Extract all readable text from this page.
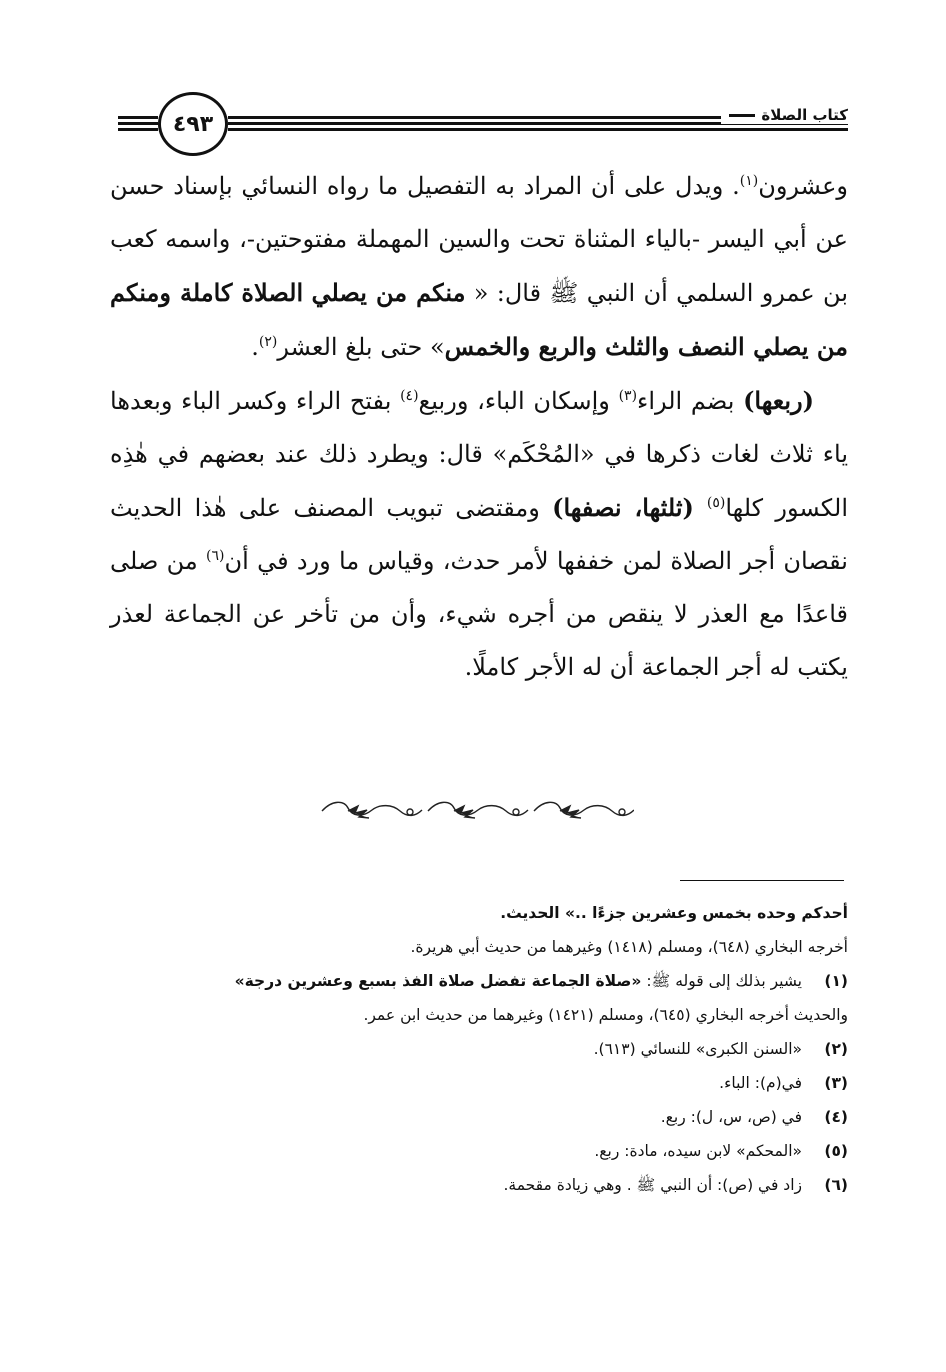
٤٩٣	كتاب الصلاة

وعشرون$^{(١)}$. ويدل على أن المراد به التفصيل ما رواه النسائي بإسناد حسن عن أبي اليسر -بالياء المثناة تحت والسين المهملة مفتوحتين-، واسمه كعب بن عمرو السلمي أن النبي ﷺ قال: « منكم من يصلي الصلاة كاملة ومنكم من يصلي النصف والثلث والربع والخمس» حتى بلغ العشر$^{(٢)}$.

(ربعها) بضم الراء$^{(٣)}$ وإسكان الباء، وربيع$^{(٤)}$ بفتح الراء وكسر الباء وبعدها ياء ثلاث لغات ذكرها في «المُحْكَم» قال: ويطرد ذلك عند بعضهم في هٰذِه الكسور كلها$^{(٥)}$ (ثلثها، نصفها) ومقتضى تبويب المصنف على هٰذا الحديث نقصان أجر الصلاة لمن خففها لأمر حدث، وقياس ما ورد في أن$^{(٦)}$ من صلى قاعدًا مع العذر لا ينقص من أجره شيء، وأن من تأخر عن الجماعة لعذر يكتب له أجر الجماعة أن له الأجر كاملًا.

أحدكم وحده بخمس وعشرين جزءًا ..» الحديث.
أخرجه البخاري (٦٤٨)، ومسلم (١٤١٨) وغيرهما من حديث أبي هريرة.
(١)
يشير بذلك إلى قوله ﷺ: «صلاة الجماعة تفضل صلاة الفذ بسبع وعشرين درجة»
والحديث أخرجه البخاري (٦٤٥)، ومسلم (١٤٢١) وغيرهما من حديث ابن عمر.
(٢)
«السنن الكبرى» للنسائي (٦١٣).
(٣)
في(م): الباء.
(٤)
في (ص، س، ل): ربع.
(٥)
«المحكم» لابن سيده، مادة: ربع.
(٦)
زاد في (ص): أن النبي ﷺ . وهي زيادة مقحمة.
